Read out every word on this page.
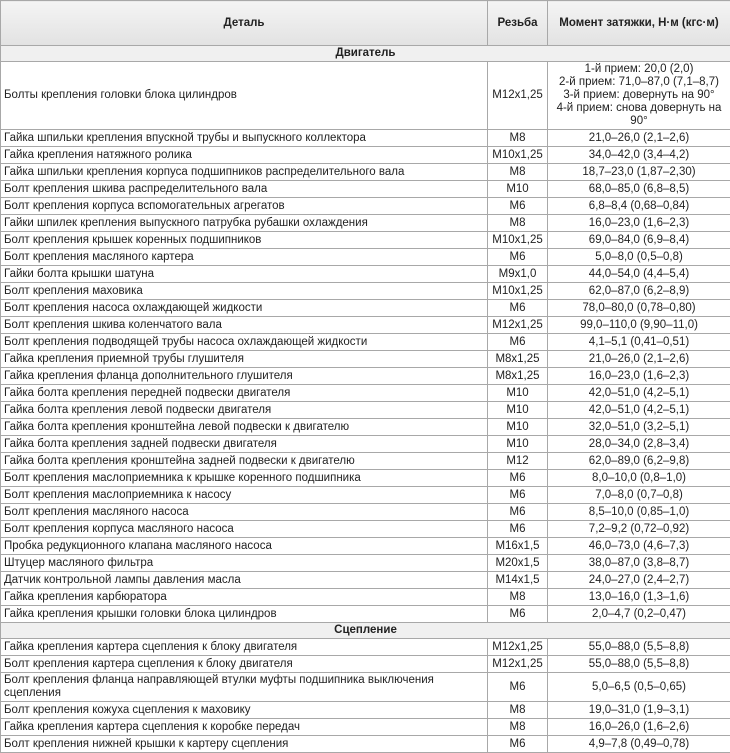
Деталь	Резьба	Момент затяжки, Н·м (кгс·м)
Двигатель		
Болты крепления головки блока цилиндров	М12х1,25	1-й прием: 20,0 (2,0)
2-й прием: 71,0–87,0 (7,1–8,7)
3-й прием: довернуть на 90°
4-й прием: снова довернуть на 90°

Гайка шпильки крепления впускной трубы и выпускного коллектора	М8	21,0–26,0 (2,1–2,6)
Гайка крепления натяжного ролика	М10х1,25	34,0–42,0 (3,4–4,2)
Гайка шпильки крепления корпуса подшипников распределительного вала	М8	18,7–23,0 (1,87–2,30)
Болт крепления шкива распределительного вала	М10	68,0–85,0 (6,8–8,5)
Болт крепления корпуса вспомогательных агрегатов	М6	6,8–8,4 (0,68–0,84)
Гайки шпилек крепления выпускного патрубка рубашки охлаждения	М8	16,0–23,0 (1,6–2,3)
Болт крепления крышек коренных подшипников	М10х1,25	69,0–84,0 (6,9–8,4)
Болт крепления масляного картера	М6	5,0–8,0 (0,5–0,8)
Гайки болта крышки шатуна	М9х1,0	44,0–54,0 (4,4–5,4)
Болт крепления маховика	М10х1,25	62,0–87,0 (6,2–8,9)
Болт крепления насоса охлаждающей жидкости	М6	78,0–80,0 (0,78–0,80)
Болт крепления шкива коленчатого вала	М12х1,25	99,0–110,0 (9,90–11,0)
Болт крепления подводящей трубы насоса охлаждающей жидкости	М6	4,1–5,1 (0,41–0,51)
Гайка крепления приемной трубы глушителя	М8х1,25	21,0–26,0 (2,1–2,6)
Гайка крепления фланца дополнительного глушителя	М8х1,25	16,0–23,0 (1,6–2,3)
Гайка болта крепления передней подвески двигателя	М10	42,0–51,0 (4,2–5,1)
Гайка болта крепления левой подвески двигателя	М10	42,0–51,0 (4,2–5,1)
Гайка болта крепления кронштейна левой подвески к двигателю	М10	32,0–51,0 (3,2–5,1)
Гайка болта крепления задней подвески двигателя	М10	28,0–34,0 (2,8–3,4)
Гайка болта крепления кронштейна задней подвески к двигателю	М12	62,0–89,0 (6,2–9,8)
Болт крепления маслоприемника к крышке коренного подшипника	М6	8,0–10,0 (0,8–1,0)
Болт крепления маслоприемника к насосу	М6	7,0–8,0 (0,7–0,8)
Болт крепления масляного насоса	М6	8,5–10,0 (0,85–1,0)
Болт крепления корпуса масляного насоса	М6	7,2–9,2 (0,72–0,92)
Пробка редукционного клапана масляного насоса	М16х1,5	46,0–73,0 (4,6–7,3)
Штуцер масляного фильтра	М20х1,5	38,0–87,0 (3,8–8,7)
Датчик контрольной лампы давления масла	М14х1,5	24,0–27,0 (2,4–2,7)
Гайка крепления карбюратора	М8	13,0–16,0 (1,3–1,6)
Гайка крепления крышки головки блока цилиндров	М6	2,0–4,7 (0,2–0,47)
Сцепление		
Гайка крепления картера сцепления к блоку двигателя	М12х1,25	55,0–88,0 (5,5–8,8)
Болт крепления картера сцепления к блоку двигателя	М12х1,25	55,0–88,0 (5,5–8,8)
Болт крепления фланца направляющей втулки муфты подшипника выключения сцепления	М6	5,0–6,5 (0,5–0,65)
Болт крепления кожуха сцепления к маховику	М8	19,0–31,0 (1,9–3,1)
Гайка крепления картера сцепления к коробке передач	М8	16,0–26,0 (1,6–2,6)
Болт крепления нижней крышки к картеру сцепления	М6	4,9–7,8 (0,49–0,78)
